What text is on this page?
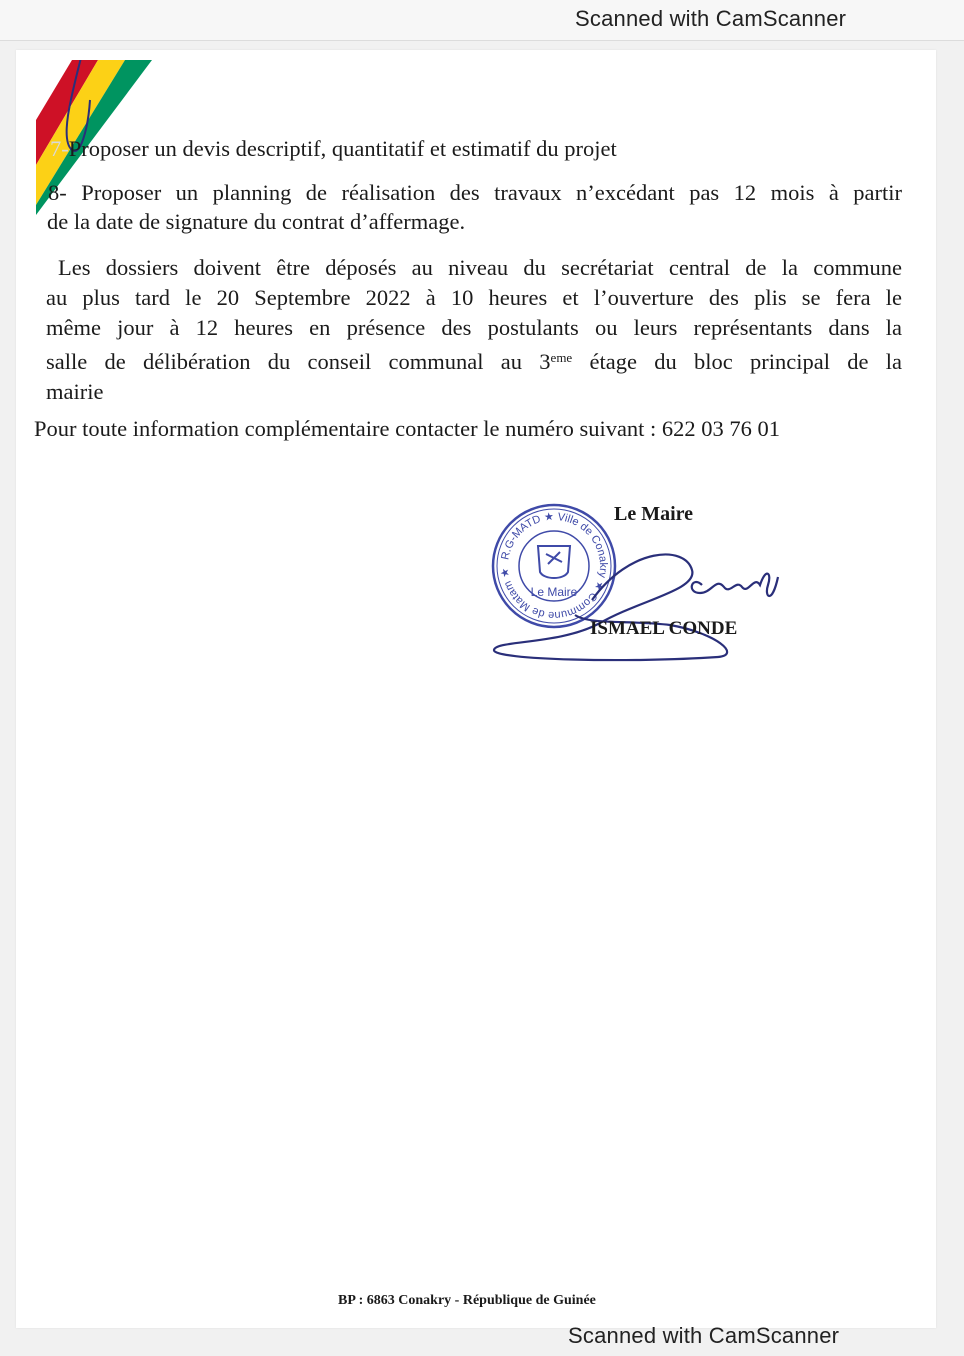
Scanned with CamScanner
7-Proposer un devis descriptif, quantitatif et estimatif du projet
8- Proposer un planning de réalisation des travaux n’excédant pas 12 mois à partir
de la date de signature du contrat d’affermage.
Les dossiers doivent être déposés au niveau du secrétariat central de la commune
au plus tard le 20 Septembre 2022 à 10 heures et l’ouverture des plis se fera le
même jour à 12 heures en présence des postulants ou leurs représentants dans la
salle de délibération du conseil communal au 3eme étage du bloc principal de la
mairie
Pour toute information complémentaire contacter le numéro suivant : 622 03 76 01
R.G-MATD ★ Ville de Conakry ★ Commune de Matam ★
Le Maire
Le Maire
ISMAEL CONDE
BP : 6863 Conakry - République de Guinée
Scanned with CamScanner
